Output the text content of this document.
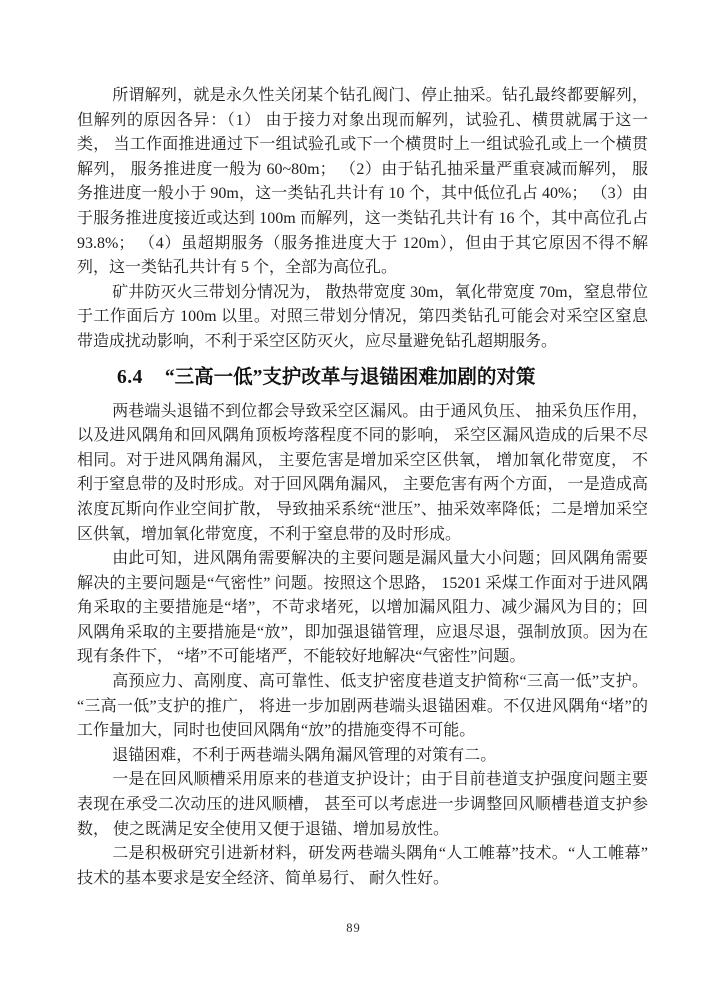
所谓解列，就是永久性关闭某个钻孔阀门、停止抽采。钻孔最终都要解列，但解列的原因各异：（1） 由于接力对象出现而解列，试验孔、横贯就属于这一类， 当工作面推进通过下一组试验孔或下一个横贯时上一组试验孔或上一个横贯解列， 服务推进度一般为 60~80m； （2）由于钻孔抽采量严重衰减而解列， 服务推进度一般小于 90m，这一类钻孔共计有 10 个，其中低位孔占 40%； （3）由于服务推进度接近或达到 100m 而解列，这一类钻孔共计有 16 个，其中高位孔占 93.8%； （4）虽超期服务（服务推进度大于 120m），但由于其它原因不得不解列，这一类钻孔共计有 5 个，全部为高位孔。

矿井防灭火三带划分情况为， 散热带宽度 30m，氧化带宽度 70m，窒息带位于工作面后方 100m 以里。对照三带划分情况，第四类钻孔可能会对采空区窒息带造成扰动影响，不利于采空区防灭火，应尽量避免钻孔超期服务。

6.4 “三高一低”支护改革与退锚困难加剧的对策

两巷端头退锚不到位都会导致采空区漏风。由于通风负压、 抽采负压作用， 以及进风隅角和回风隅角顶板垮落程度不同的影响， 采空区漏风造成的后果不尽相同。对于进风隅角漏风， 主要危害是增加采空区供氧， 增加氧化带宽度， 不利于窒息带的及时形成。对于回风隅角漏风， 主要危害有两个方面， 一是造成高浓度瓦斯向作业空间扩散， 导致抽采系统“泄压”、抽采效率降低；二是增加采空区供氧，增加氧化带宽度，不利于窒息带的及时形成。

由此可知，进风隅角需要解决的主要问题是漏风量大小问题；回风隅角需要解决的主要问题是“气密性” 问题。按照这个思路， 15201 采煤工作面对于进风隅角采取的主要措施是“堵”，不苛求堵死，以增加漏风阻力、减少漏风为目的；回风隅角采取的主要措施是“放”，即加强退锚管理，应退尽退，强制放顶。因为在现有条件下， “堵”不可能堵严，不能较好地解决“气密性”问题。

高预应力、高刚度、高可靠性、低支护密度巷道支护简称“三高一低”支护。 “三高一低”支护的推广， 将进一步加剧两巷端头退锚困难。不仅进风隅角“堵”的工作量加大，同时也使回风隅角“放”的措施变得不可能。

退锚困难，不利于两巷端头隅角漏风管理的对策有二。

一是在回风顺槽采用原来的巷道支护设计；由于目前巷道支护强度问题主要表现在承受二次动压的进风顺槽， 甚至可以考虑进一步调整回风顺槽巷道支护参数， 使之既满足安全使用又便于退锚、增加易放性。

二是积极研究引进新材料，研发两巷端头隅角“人工帷幕”技术。“人工帷幕”技术的基本要求是安全经济、简单易行、 耐久性好。

89
